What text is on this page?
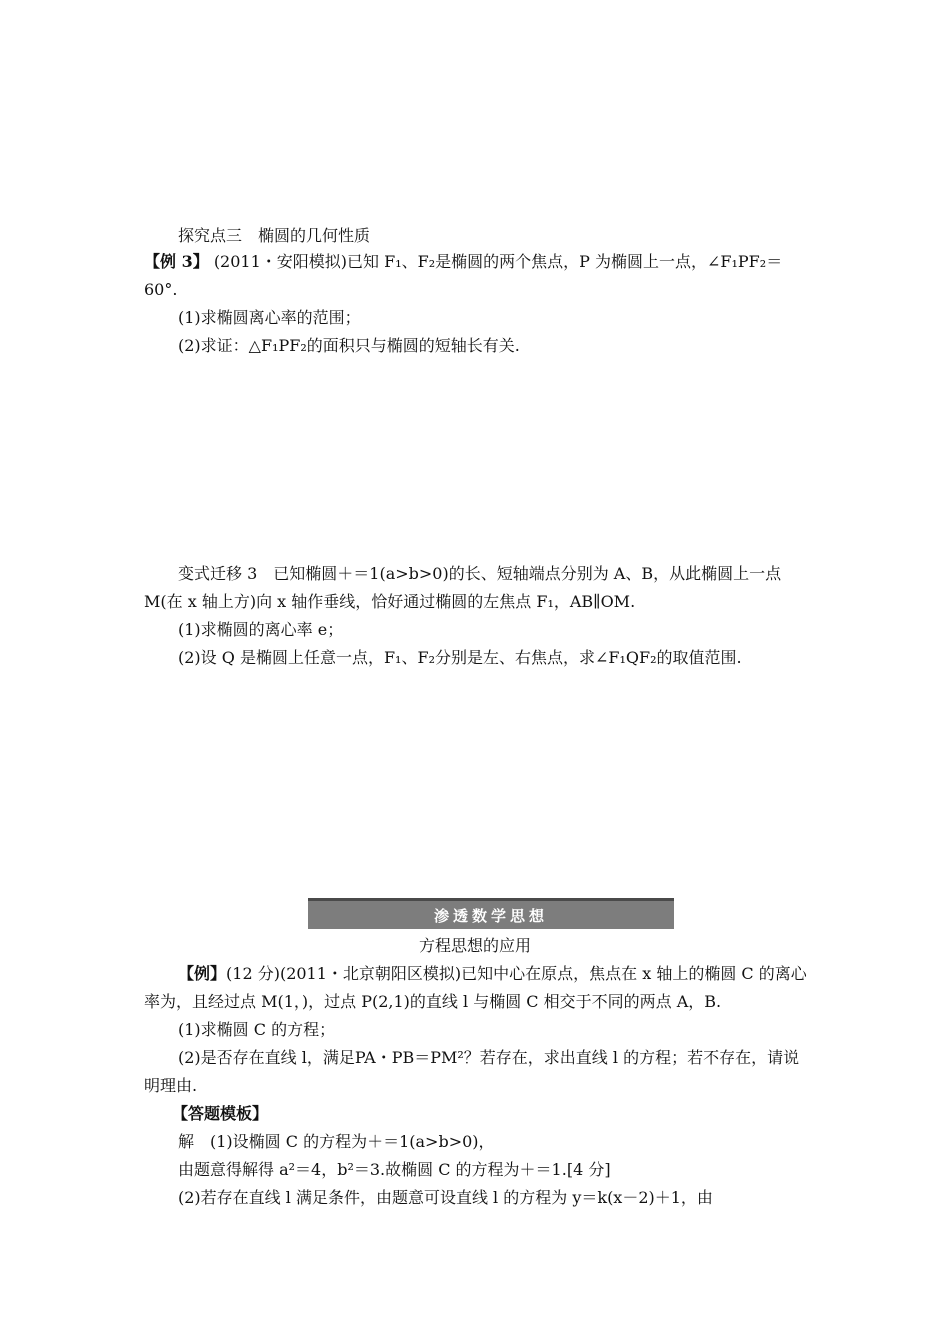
探究点三　椭圆的几何性质
【例 3】 (2011・安阳模拟)已知 F₁、F₂是椭圆的两个焦点，P 为椭圆上一点，∠F₁PF₂＝
60°.
(1)求椭圆离心率的范围；
(2)求证：△F₁PF₂的面积只与椭圆的短轴长有关.
变式迁移 3　已知椭圆＋＝1(a>b>0)的长、短轴端点分别为 A、B，从此椭圆上一点
M(在 x 轴上方)向 x 轴作垂线，恰好通过椭圆的左焦点 F₁，AB∥OM.
(1)求椭圆的离心率 e；
(2)设 Q 是椭圆上任意一点，F₁、F₂分别是左、右焦点，求∠F₁QF₂的取值范围.
渗透数学思想
方程思想的应用
【例】(12 分)(2011・北京朝阳区模拟)已知中心在原点，焦点在 x 轴上的椭圆 C 的离心
率为，且经过点 M(1，)，过点 P(2,1)的直线 l 与椭圆 C 相交于不同的两点 A，B.
(1)求椭圆 C 的方程；
(2)是否存在直线 l，满足PA・PB＝PM²？若存在，求出直线 l 的方程；若不存在，请说
明理由.
【答题模板】
解　(1)设椭圆 C 的方程为＋＝1(a>b>0)，
由题意得解得 a²＝4，b²＝3.故椭圆 C 的方程为＋＝1.[4 分]
(2)若存在直线 l 满足条件，由题意可设直线 l 的方程为 y＝k(x－2)＋1，由
